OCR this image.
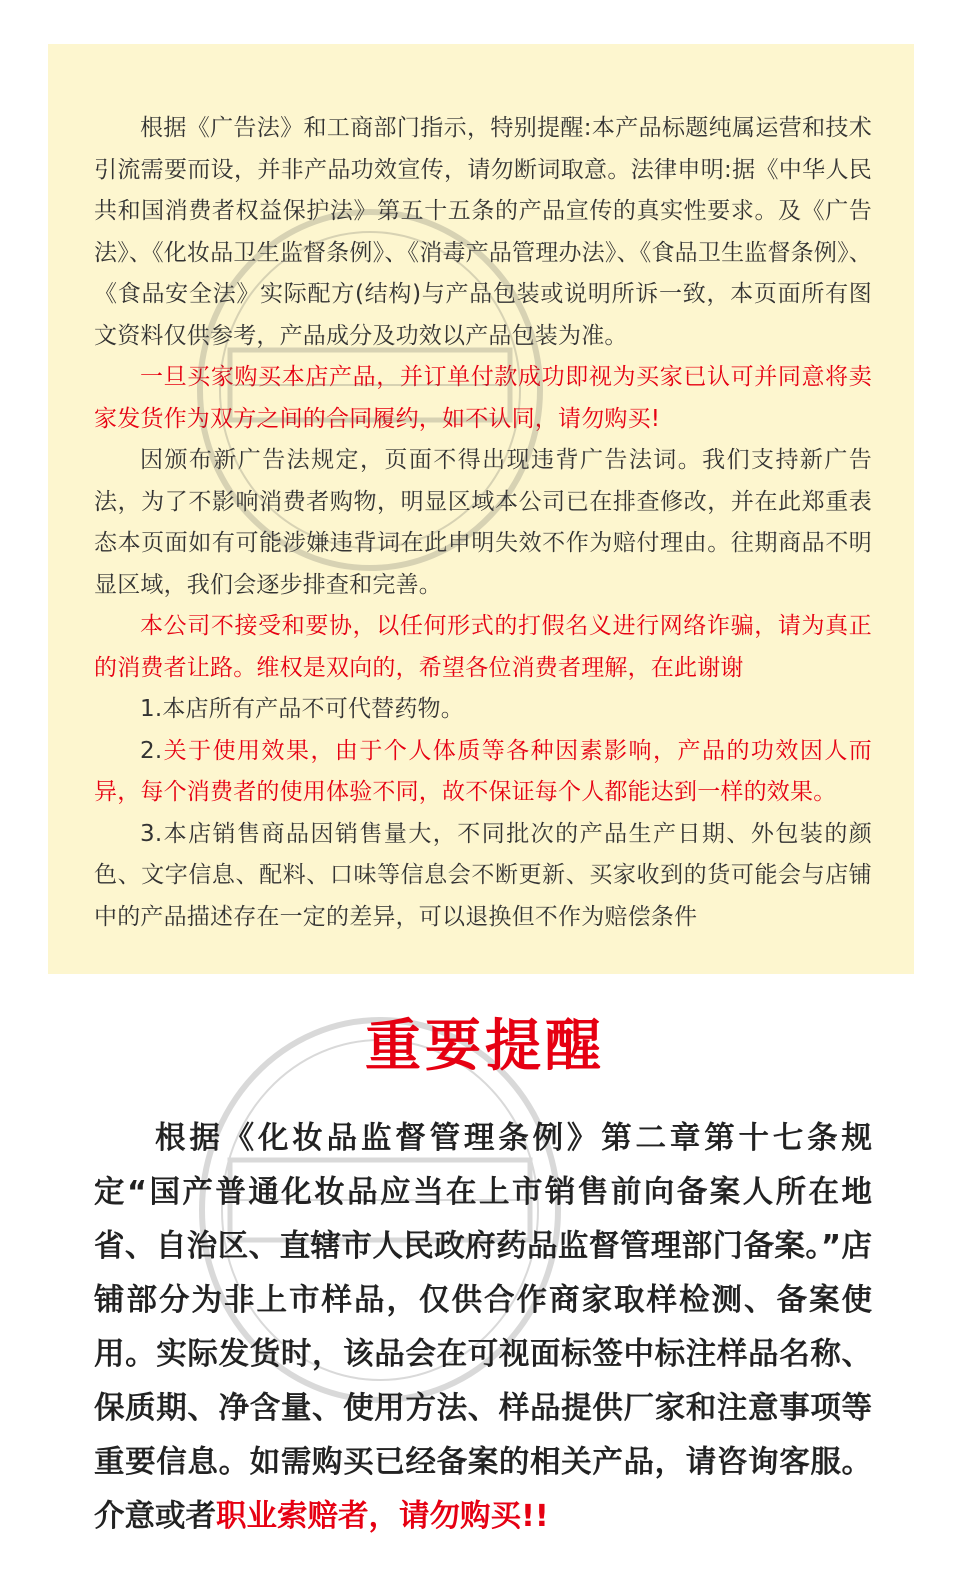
根据《广告法》和工商部门指示，特别提醒:本产品标题纯属运营和技术引流需要而设，并非产品功效宣传，请勿断词取意。法律申明:据《中华人民共和国消费者权益保护法》第五十五条的产品宣传的真实性要求。及《广告法》、《化妆品卫生监督条例》、《消毒产品管理办法》、《食品卫生监督条例》、《食品安全法》实际配方(结构)与产品包装或说明所诉一致，本页面所有图文资料仅供参考，产品成分及功效以产品包装为准。

一旦买家购买本店产品，并订单付款成功即视为买家已认可并同意将卖家发货作为双方之间的合同履约，如不认同，请勿购买!

因颁布新广告法规定，页面不得出现违背广告法词。我们支持新广告法，为了不影响消费者购物，明显区域本公司已在排查修改，并在此郑重表态本页面如有可能涉嫌违背词在此申明失效不作为赔付理由。往期商品不明显区域，我们会逐步排查和完善。

本公司不接受和要协，以任何形式的打假名义进行网络诈骗，请为真正的消费者让路。维权是双向的，希望各位消费者理解，在此谢谢

1.本店所有产品不可代替药物。

2.关于使用效果，由于个人体质等各种因素影响，产品的功效因人而异，每个消费者的使用体验不同，故不保证每个人都能达到一样的效果。

3.本店销售商品因销售量大，不同批次的产品生产日期、外包装的颜色、文字信息、配料、口味等信息会不断更新、买家收到的货可能会与店铺中的产品描述存在一定的差异，可以退换但不作为赔偿条件

重要提醒

根据《化妆品监督管理条例》第二章第十七条规定“国产普通化妆品应当在上市销售前向备案人所在地省、自治区、直辖市人民政府药品监督管理部门备案。”店铺部分为非上市样品，仅供合作商家取样检测、备案使用。实际发货时，该品会在可视面标签中标注样品名称、保质期、净含量、使用方法、样品提供厂家和注意事项等重要信息。如需购买已经备案的相关产品，请咨询客服。介意或者职业索赔者，请勿购买!!
